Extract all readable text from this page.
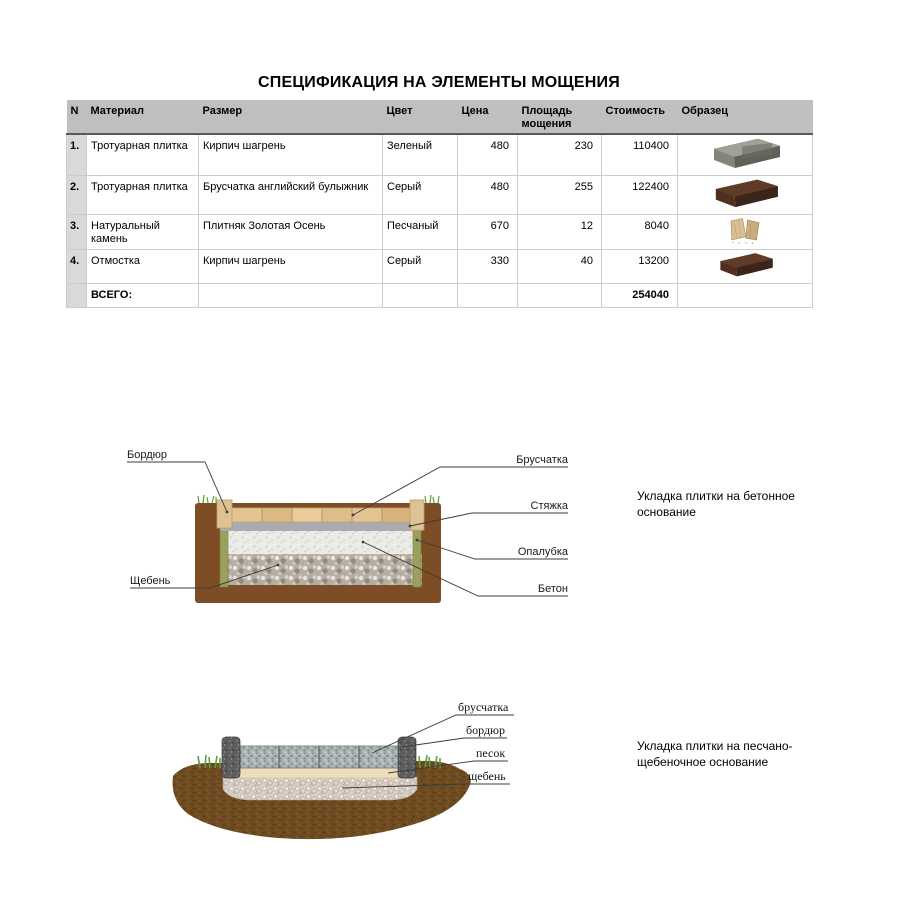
СПЕЦИФИКАЦИЯ НА ЭЛЕМЕНТЫ МОЩЕНИЯ
N	Материал	Размер	Цвет	Цена	Площадь мощения	Стоимость	Образец
1.	Тротуарная плитка	Кирпич шагрень	Зеленый	480	230	110400	
2.	Тротуарная плитка	Брусчатка английский булыжник	Серый	480	255	122400	
3.	Натуральный камень	Плитняк Золотая Осень	Песчаный	670	12	8040	
4.	Отмостка	Кирпич шагрень	Серый	330	40	13200	
	ВСЕГО:					254040	
Бордюр
Щебень
Брусчатка
Стяжка
Опалубка
Бетон
Укладка плитки на бетонное основание
брусчатка
бордюр
песок
щебень
Укладка плитки на песчано-щебеночное основание
